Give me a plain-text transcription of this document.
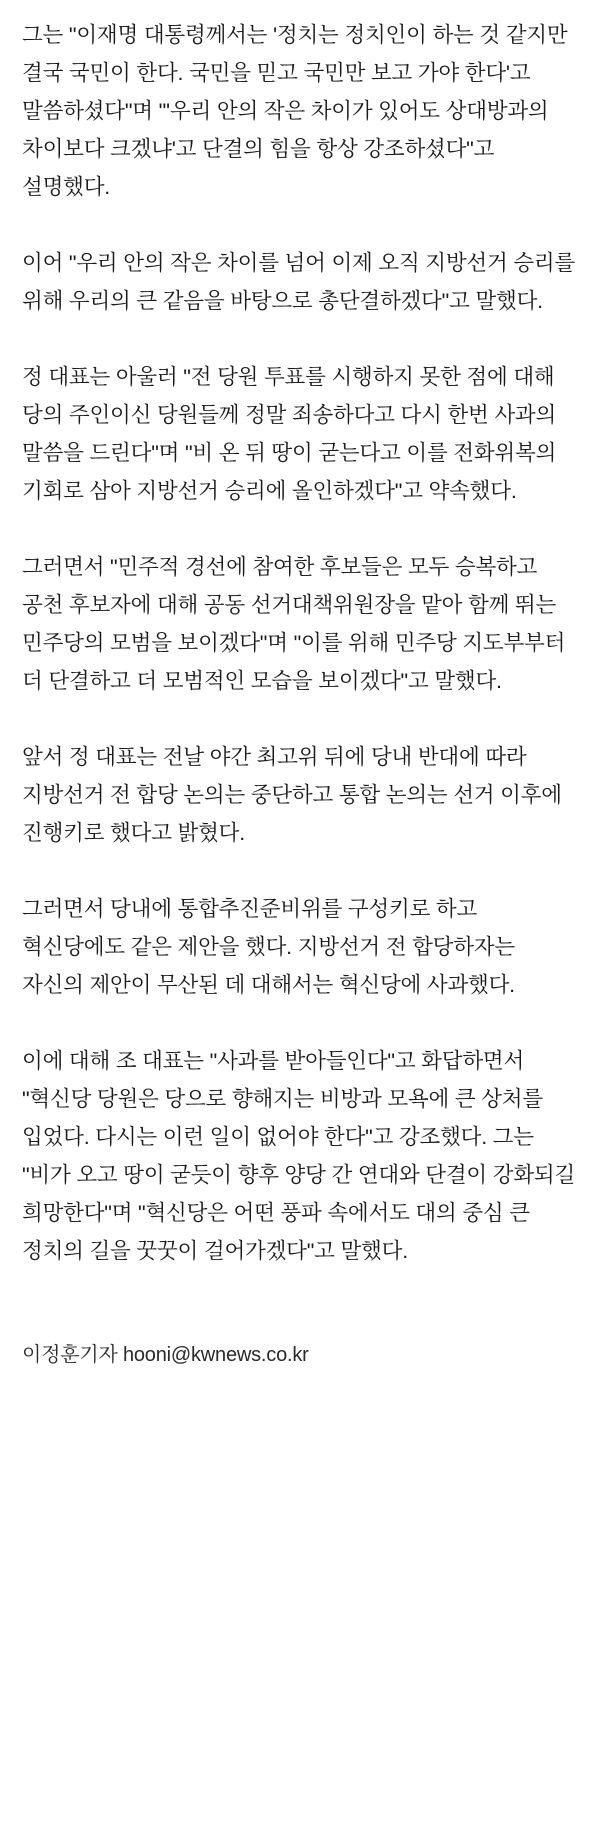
그는 "이재명 대통령께서는 '정치는 정치인이 하는 것 같지만 결국 국민이 한다. 국민을 믿고 국민만 보고 가야 한다'고 말씀하셨다"며 "'우리 안의 작은 차이가 있어도 상대방과의 차이보다 크겠냐'고 단결의 힘을 항상 강조하셨다"고 설명했다.

이어 "우리 안의 작은 차이를 넘어 이제 오직 지방선거 승리를 위해 우리의 큰 같음을 바탕으로 총단결하겠다"고 말했다.

정 대표는 아울러 "전 당원 투표를 시행하지 못한 점에 대해 당의 주인이신 당원들께 정말 죄송하다고 다시 한번 사과의 말씀을 드린다"며 "비 온 뒤 땅이 굳는다고 이를 전화위복의 기회로 삼아 지방선거 승리에 올인하겠다"고 약속했다.

그러면서 "민주적 경선에 참여한 후보들은 모두 승복하고 공천 후보자에 대해 공동 선거대책위원장을 맡아 함께 뛰는 민주당의 모범을 보이겠다"며 "이를 위해 민주당 지도부부터 더 단결하고 더 모범적인 모습을 보이겠다"고 말했다.

앞서 정 대표는 전날 야간 최고위 뒤에 당내 반대에 따라 지방선거 전 합당 논의는 중단하고 통합 논의는 선거 이후에 진행키로 했다고 밝혔다.

그러면서 당내에 통합추진준비위를 구성키로 하고 혁신당에도 같은 제안을 했다. 지방선거 전 합당하자는 자신의 제안이 무산된 데 대해서는 혁신당에 사과했다.

이에 대해 조 대표는 "사과를 받아들인다"고 화답하면서 "혁신당 당원은 당으로 향해지는 비방과 모욕에 큰 상처를 입었다. 다시는 이런 일이 없어야 한다"고 강조했다. 그는 "비가 오고 땅이 굳듯이 향후 양당 간 연대와 단결이 강화되길 희망한다"며 "혁신당은 어떤 풍파 속에서도 대의 중심 큰 정치의 길을 꿋꿋이 걸어가겠다"고 말했다.

이정훈기자 hooni@kwnews.co.kr
